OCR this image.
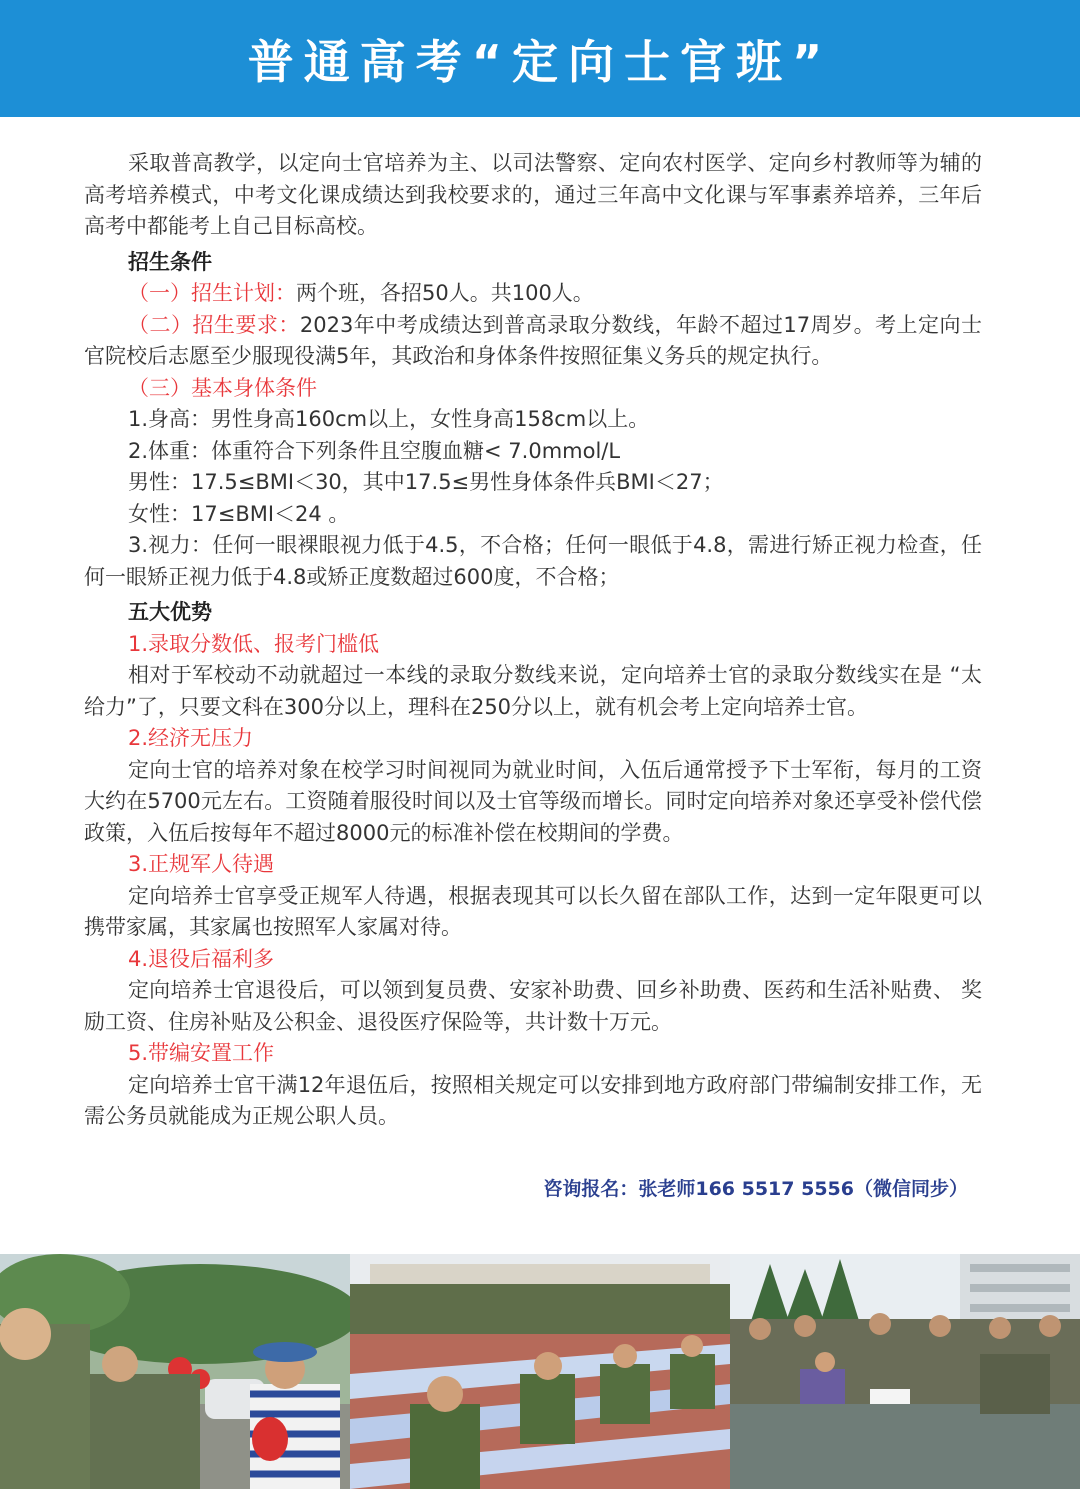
普通高考“定向士官班”

采取普高教学，以定向士官培养为主、以司法警察、定向农村医学、定向乡村教师等为辅的高考培养模式，中考文化课成绩达到我校要求的，通过三年高中文化课与军事素养培养，三年后高考中都能考上自己目标高校。

招生条件

（一）招生计划：两个班，各招50人。共100人。

（二）招生要求：2023年中考成绩达到普高录取分数线，年龄不超过17周岁。考上定向士官院校后志愿至少服现役满5年，其政治和身体条件按照征集义务兵的规定执行。

（三）基本身体条件

1.身高：男性身高160cm以上，女性身高158cm以上。

2.体重：体重符合下列条件且空腹血糖< 7.0mmol/L

男性：17.5≤BMI＜30，其中17.5≤男性身体条件兵BMI＜27；

女性：17≤BMI＜24 。

3.视力：任何一眼裸眼视力低于4.5，不合格；任何一眼低于4.8，需进行矫正视力检查，任何一眼矫正视力低于4.8或矫正度数超过600度，不合格；

五大优势

1.录取分数低、报考门槛低

相对于军校动不动就超过一本线的录取分数线来说，定向培养士官的录取分数线实在是 “太给力”了，只要文科在300分以上，理科在250分以上，就有机会考上定向培养士官。

2.经济无压力

定向士官的培养对象在校学习时间视同为就业时间，入伍后通常授予下士军衔，每月的工资大约在5700元左右。工资随着服役时间以及士官等级而增长。同时定向培养对象还享受补偿代偿政策，入伍后按每年不超过8000元的标准补偿在校期间的学费。

3.正规军人待遇

定向培养士官享受正规军人待遇，根据表现其可以长久留在部队工作，达到一定年限更可以携带家属，其家属也按照军人家属对待。

4.退役后福利多

定向培养士官退役后，可以领到复员费、安家补助费、回乡补助费、医药和生活补贴费、 奖励工资、住房补贴及公积金、退役医疗保险等，共计数十万元。

5.带编安置工作

定向培养士官干满12年退伍后，按照相关规定可以安排到地方政府部门带编制安排工作，无需公务员就能成为正规公职人员。

咨询报名：张老师166 5517 5556（微信同步）
